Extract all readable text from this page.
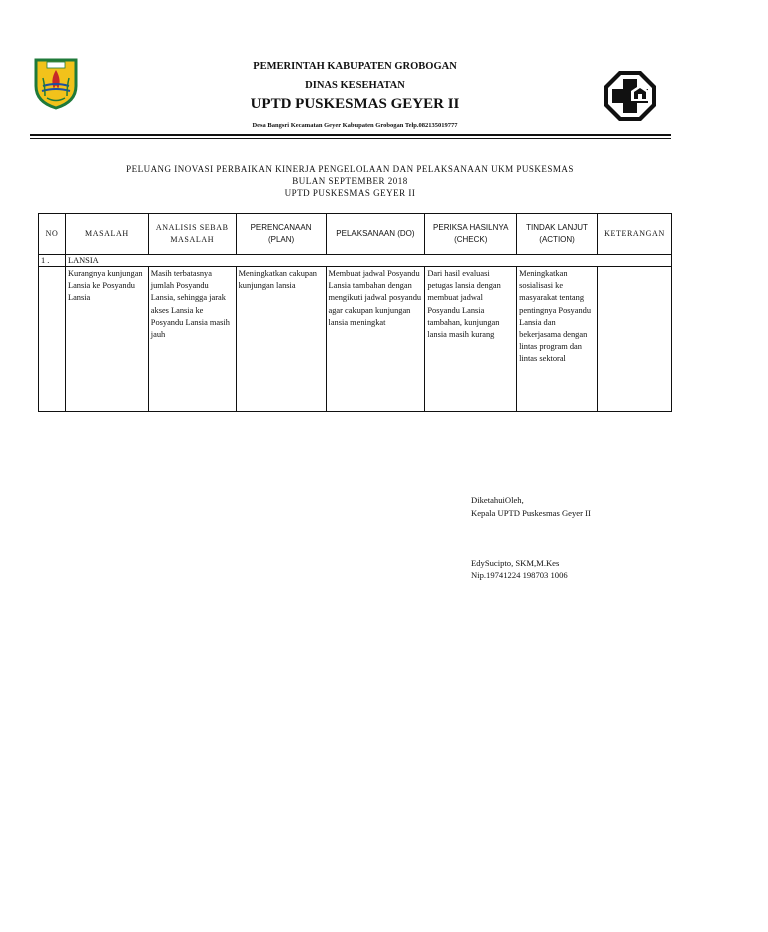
PEMERINTAH KABUPATEN GROBOGAN
DINAS KESEHATAN
UPTD PUSKESMAS GEYER II
Desa Bangsri Kecamatan Geyer Kabupaten Grobogan Telp.082135019777
PELUANG INOVASI PERBAIKAN KINERJA PENGELOLAAN DAN PELAKSANAAN UKM PUSKESMAS
BULAN SEPTEMBER 2018
UPTD PUSKESMAS GEYER II
NO	MASALAH	ANALISIS SEBAB MASALAH	PERENCANAAN (PLAN)	PELAKSANAAN (DO)	PERIKSA HASILNYA (CHECK)	TINDAK LANJUT (ACTION)	KETERANGAN
1 .	LANSIA						
	Kurangnya kunjungan Lansia ke Posyandu Lansia	Masih terbatasnya jumlah Posyandu Lansia, sehingga jarak akses Lansia ke Posyandu Lansia masih jauh	Meningkatkan cakupan kunjungan lansia	Membuat jadwal Posyandu Lansia tambahan dengan mengikuti jadwal posyandu agar cakupan kunjungan lansia meningkat	Dari hasil evaluasi petugas lansia dengan membuat jadwal Posyandu Lansia tambahan, kunjungan lansia masih kurang	Meningkatkan sosialisasi ke masyarakat tentang pentingnya Posyandu Lansia dan bekerjasama dengan lintas program dan lintas sektoral	
DiketahuiOleh,
Kepala UPTD Puskesmas Geyer II
EdySucipto, SKM,M.Kes
Nip.19741224 198703 1006
